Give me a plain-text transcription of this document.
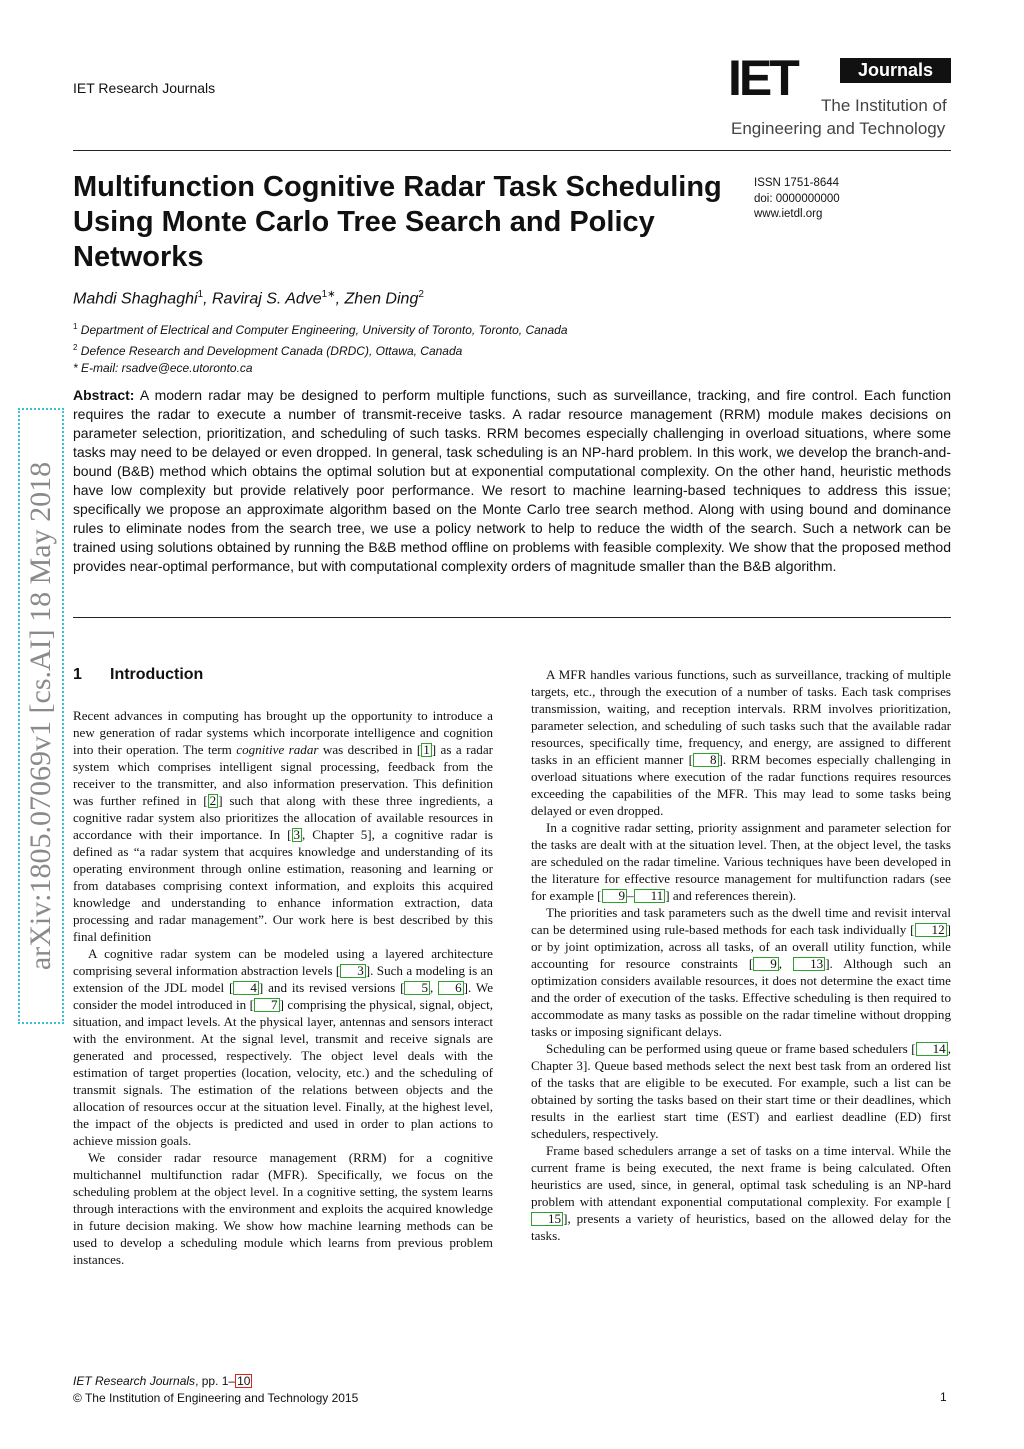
IET Research Journals	IET	Journals
The Institution of
Engineering and Technology
Multifunction Cognitive Radar Task Scheduling Using Monte Carlo Tree Search and Policy Networks
ISSN 1751-8644
doi: 0000000000
www.ietdl.org
Mahdi Shaghaghi$^1$, Raviraj S. Adve$^{1∗}$, Zhen Ding$^2$
$^1$ Department of Electrical and Computer Engineering, University of Toronto, Toronto, Canada
$^2$ Defence Research and Development Canada (DRDC), Ottawa, Canada
* E-mail: rsadve@ece.utoronto.ca

Abstract: A modern radar may be designed to perform multiple functions, such as surveillance, tracking, and fire control. Each function requires the radar to execute a number of transmit-receive tasks. A radar resource management (RRM) module makes decisions on parameter selection, prioritization, and scheduling of such tasks. RRM becomes especially challenging in overload situations, where some tasks may need to be delayed or even dropped. In general, task scheduling is an NP-hard problem. In this work, we develop the branch-and-bound (B&B) method which obtains the optimal solution but at exponential computational complexity. On the other hand, heuristic methods have low complexity but provide relatively poor performance. We resort to machine learning-based techniques to address this issue; specifically we propose an approximate algorithm based on the Monte Carlo tree search method. Along with using bound and dominance rules to eliminate nodes from the search tree, we use a policy network to help to reduce the width of the search. Such a network can be trained using solutions obtained by running the B&B method offline on problems with feasible complexity. We show that the proposed method provides near-optimal performance, but with computational complexity orders of magnitude smaller than the B&B algorithm.

arXiv:1805.07069v1 [cs.AI] 18 May 2018 1 Introduction

Recent advances in computing has brought up the opportunity to introduce a new generation of radar systems which incorporate intelligence and cognition into their operation. The term cognitive radar was described in [ 1 ] as a radar system which comprises intelligent signal processing, feedback from the receiver to the transmitter, and also information preservation. This definition was further refined in [ 2 ] such that along with these three ingredients, a cognitive radar system also prioritizes the allocation of available resources in accordance with their importance. In [ 3 , Chapter 5], a cognitive radar is defined as “a radar system that acquires knowledge and understanding of its operating environment through online estimation, reasoning and learning or from databases comprising context information, and exploits this acquired knowledge and understanding to enhance information extraction, data processing and radar management”. Our work here is best described by this final definition

A cognitive radar system can be modeled using a layered architecture comprising several information abstraction levels [ 3 ]. Such a modeling is an extension of the JDL model [ 4 ] and its revised versions [ 5 , 6 ]. We consider the model introduced in [ 7 ] comprising the physical, signal, object, situation, and impact levels. At the physical layer, antennas and sensors interact with the environment. At the signal level, transmit and receive signals are generated and processed, respectively. The object level deals with the estimation of target properties (location, velocity, etc.) and the scheduling of transmit signals. The estimation of the relations between objects and the allocation of resources occur at the situation level. Finally, at the highest level, the impact of the objects is predicted and used in order to plan actions to achieve mission goals.

We consider radar resource management (RRM) for a cognitive multichannel multifunction radar (MFR). Specifically, we focus on the scheduling problem at the object level. In a cognitive setting, the system learns through interactions with the environment and exploits the acquired knowledge in future decision making. We show how machine learning methods can be used to develop a scheduling module which learns from previous problem instances.

A MFR handles various functions, such as surveillance, tracking of multiple targets, etc., through the execution of a number of tasks. Each task comprises transmission, waiting, and reception intervals. RRM involves prioritization, parameter selection, and scheduling of such tasks such that the available radar resources, specifically time, frequency, and energy, are assigned to different tasks in an efficient manner [ 8 ]. RRM becomes especially challenging in overload situations where execution of the radar functions requires resources exceeding the capabilities of the MFR. This may lead to some tasks being delayed or even dropped.

In a cognitive radar setting, priority assignment and parameter selection for the tasks are dealt with at the situation level. Then, at the object level, the tasks are scheduled on the radar timeline. Various techniques have been developed in the literature for effective resource management for multifunction radars (see for example [ 9 – 11 ] and references therein).

The priorities and task parameters such as the dwell time and revisit interval can be determined using rule-based methods for each task individually [ 12 ] or by joint optimization, across all tasks, of an overall utility function, while accounting for resource constraints [ 9 , 13 ]. Although such an optimization considers available resources, it does not determine the exact time and the order of execution of the tasks. Effective scheduling is then required to accommodate as many tasks as possible on the radar timeline without dropping tasks or imposing significant delays.

Scheduling can be performed using queue or frame based schedulers [ 14 , Chapter 3]. Queue based methods select the next best task from an ordered list of the tasks that are eligible to be executed. For example, such a list can be obtained by sorting the tasks based on their start time or their deadlines, which results in the earliest start time (EST) and earliest deadline (ED) first schedulers, respectively.

Frame based schedulers arrange a set of tasks on a time interval. While the current frame is being executed, the next frame is being calculated. Often heuristics are used, since, in general, optimal task scheduling is an NP-hard problem with attendant exponential computational complexity. For example [15 ], presents a variety of heuristics, based on the allowed delay for the tasks.

IET Research Journals, pp. 1– 10
© The Institution of Engineering and Technology 2015	1
